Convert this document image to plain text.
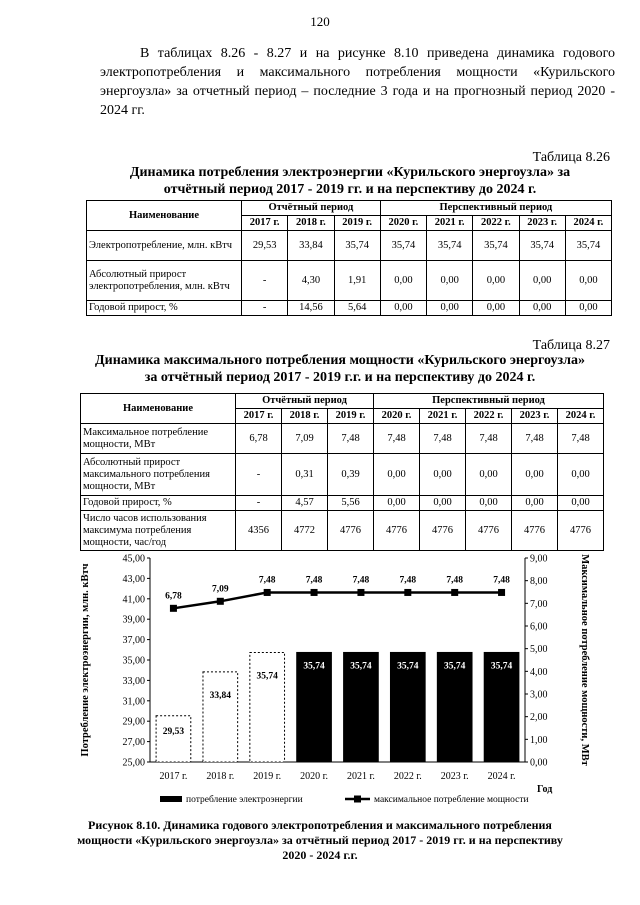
120

В таблицах 8.26 - 8.27 и на рисунке 8.10 приведена динамика годового электропотребления и максимального потребления мощности «Курильского энергоузла» за отчетный период – последние 3 года и на прогнозный период 2020 - 2024 гг.

Таблица 8.26
Динамика потребления электроэнергии «Курильского энергоузла» за отчётный период 2017 - 2019 гг. и на перспективу до 2024 г.
Наименование	Отчётный период			Перспективный период				
	2017 г.	2018 г.	2019 г.	2020 г.	2021 г.	2022 г.	2023 г.	2024 г.
Электропотребление, млн. кВтч	29,53	33,84	35,74	35,74	35,74	35,74	35,74	35,74
Абсолютный прирост электропотребления, млн. кВтч	-	4,30	1,91	0,00	0,00	0,00	0,00	0,00
Годовой прирост, %	-	14,56	5,64	0,00	0,00	0,00	0,00	0,00
Таблица 8.27
Динамика максимального потребления мощности «Курильского энергоузла» за отчётный период 2017 - 2019 г.г. и на перспективу до 2024 г.
Наименование	Отчётный период			Перспективный период				
	2017 г.	2018 г.	2019 г.	2020 г.	2021 г.	2022 г.	2023 г.	2024 г.
Максимальное потребление мощности, МВт	6,78	7,09	7,48	7,48	7,48	7,48	7,48	7,48
Абсолютный прирост максимального потребления мощности, МВт	-	0,31	0,39	0,00	0,00	0,00	0,00	0,00
Годовой прирост, %	-	4,57	5,56	0,00	0,00	0,00	0,00	0,00
Число часов использования максимума потребления мощности, час/год	4356	4772	4776	4776	4776	4776	4776	4776
25,00
27,00
29,00
31,00
33,00
35,00
37,00
39,00
41,00
43,00
45,00
0,00
1,00
2,00
3,00
4,00
5,00
6,00
7,00
8,00
9,00
29,53
33,84
35,74
35,74	35,74	35,74	35,74	35,74
6,78
7,09
7,48	7,48	7,48	7,48	7,48	7,48
2017 г. 2018 г. 2019 г. 2020 г. 2021 г. 2022 г. 2023 г. 2024 г.
Потребление электроэнергии, млн. кВтч	Максимальное потребление мощности, МВт
потребление электроэнергии	максимальное потребление мощности
Год
Рисунок 8.10. Динамика годового электропотребления и максимального потребления мощности «Курильского энергоузла» за отчётный период 2017 - 2019 гг. и на перспективу 2020 - 2024 г.г.
